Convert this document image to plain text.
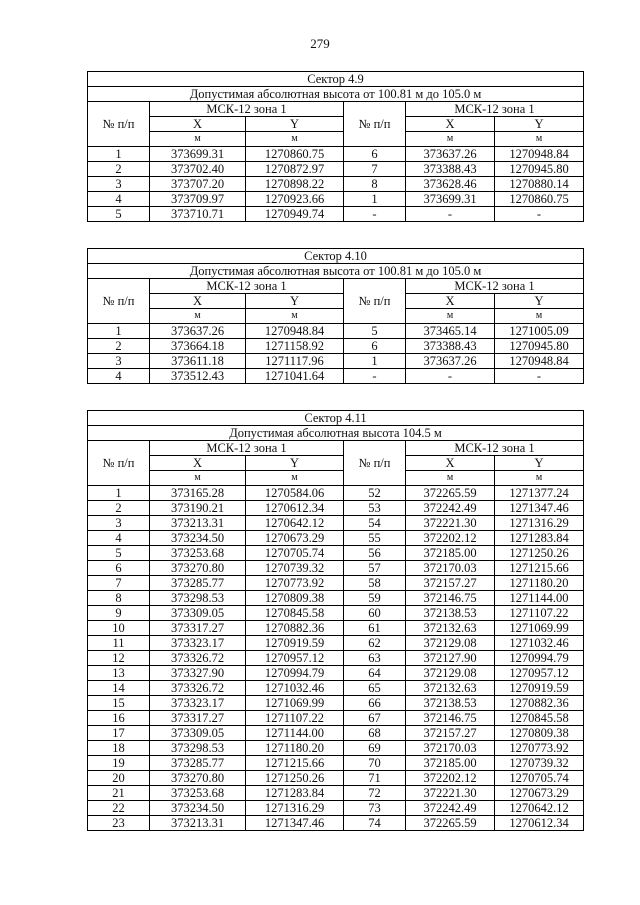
279
Сектор 4.9					
Допустимая абсолютная высота от 100.81 м до 105.0 м					
№ п/п	МСК-12 зона 1		№ п/п	МСК-12 зона 1	
	X	Y		X	Y
	м	м		м	м
1	373699.31	1270860.75	6	373637.26	1270948.84
2	373702.40	1270872.97	7	373388.43	1270945.80
3	373707.20	1270898.22	8	373628.46	1270880.14
4	373709.97	1270923.66	1	373699.31	1270860.75
5	373710.71	1270949.74	-	-	-
Сектор 4.10					
Допустимая абсолютная высота от 100.81 м до 105.0 м					
№ п/п	МСК-12 зона 1		№ п/п	МСК-12 зона 1	
	X	Y		X	Y
	м	м		м	м
1	373637.26	1270948.84	5	373465.14	1271005.09
2	373664.18	1271158.92	6	373388.43	1270945.80
3	373611.18	1271117.96	1	373637.26	1270948.84
4	373512.43	1271041.64	-	-	-
Сектор 4.11					
Допустимая абсолютная высота 104.5 м					
№ п/п	МСК-12 зона 1		№ п/п	МСК-12 зона 1	
	X	Y		X	Y
	м	м		м	м
1	373165.28	1270584.06	52	372265.59	1271377.24
2	373190.21	1270612.34	53	372242.49	1271347.46
3	373213.31	1270642.12	54	372221.30	1271316.29
4	373234.50	1270673.29	55	372202.12	1271283.84
5	373253.68	1270705.74	56	372185.00	1271250.26
6	373270.80	1270739.32	57	372170.03	1271215.66
7	373285.77	1270773.92	58	372157.27	1271180.20
8	373298.53	1270809.38	59	372146.75	1271144.00
9	373309.05	1270845.58	60	372138.53	1271107.22
10	373317.27	1270882.36	61	372132.63	1271069.99
11	373323.17	1270919.59	62	372129.08	1271032.46
12	373326.72	1270957.12	63	372127.90	1270994.79
13	373327.90	1270994.79	64	372129.08	1270957.12
14	373326.72	1271032.46	65	372132.63	1270919.59
15	373323.17	1271069.99	66	372138.53	1270882.36
16	373317.27	1271107.22	67	372146.75	1270845.58
17	373309.05	1271144.00	68	372157.27	1270809.38
18	373298.53	1271180.20	69	372170.03	1270773.92
19	373285.77	1271215.66	70	372185.00	1270739.32
20	373270.80	1271250.26	71	372202.12	1270705.74
21	373253.68	1271283.84	72	372221.30	1270673.29
22	373234.50	1271316.29	73	372242.49	1270642.12
23	373213.31	1271347.46	74	372265.59	1270612.34
